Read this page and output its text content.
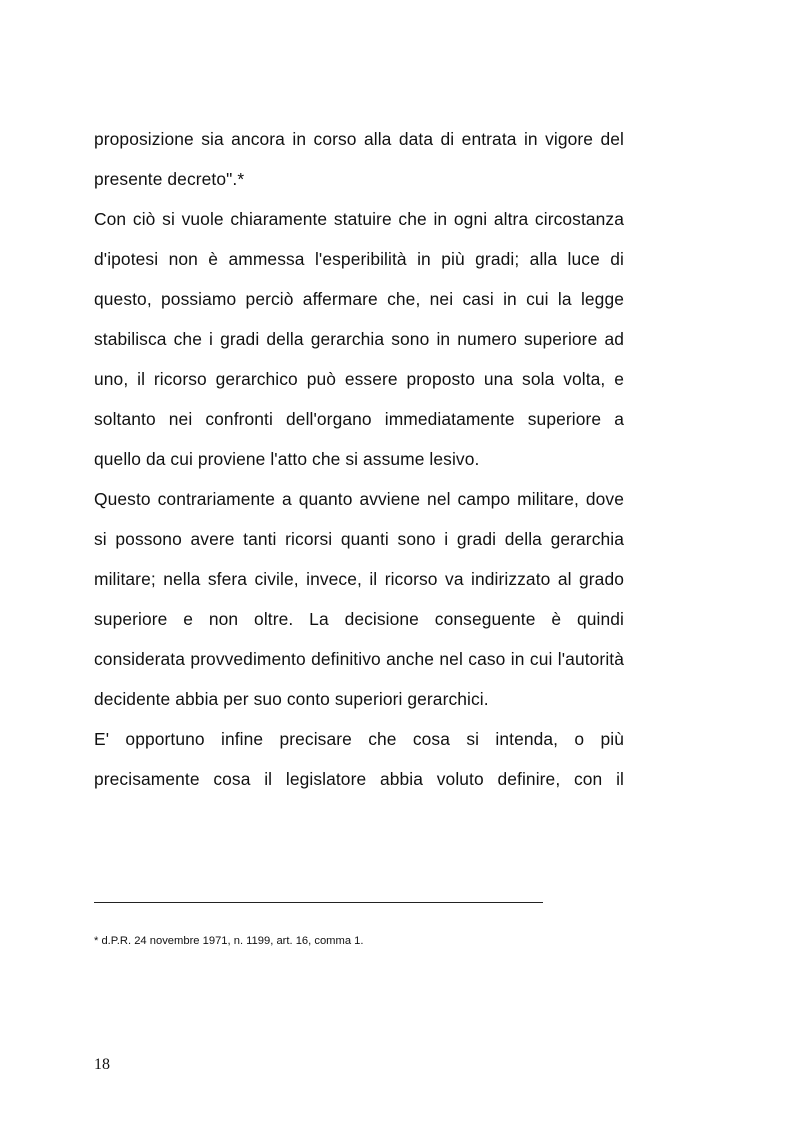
proposizione sia ancora in corso alla data di entrata in vigore del presente decreto".*

Con ciò si vuole chiaramente statuire che in ogni altra circostanza d'ipotesi non è ammessa l'esperibilità in più gradi; alla luce di questo, possiamo perciò affermare che, nei casi in cui la legge stabilisca che i gradi della gerarchia sono in numero superiore ad uno, il ricorso gerarchico può essere proposto una sola volta, e soltanto nei confronti dell'organo immediatamente superiore a quello da cui proviene l'atto che si assume lesivo.

Questo contrariamente a quanto avviene nel campo militare, dove si possono avere tanti ricorsi quanti sono i gradi della gerarchia militare; nella sfera civile, invece, il ricorso va indirizzato al grado superiore e non oltre. La decisione conseguente è quindi considerata provvedimento definitivo anche nel caso in cui l'autorità decidente abbia per suo conto superiori gerarchici.

E' opportuno infine precisare che cosa si intenda, o più precisamente cosa il legislatore abbia voluto definire, con il

* d.P.R. 24 novembre 1971, n. 1199, art. 16, comma 1.
18
